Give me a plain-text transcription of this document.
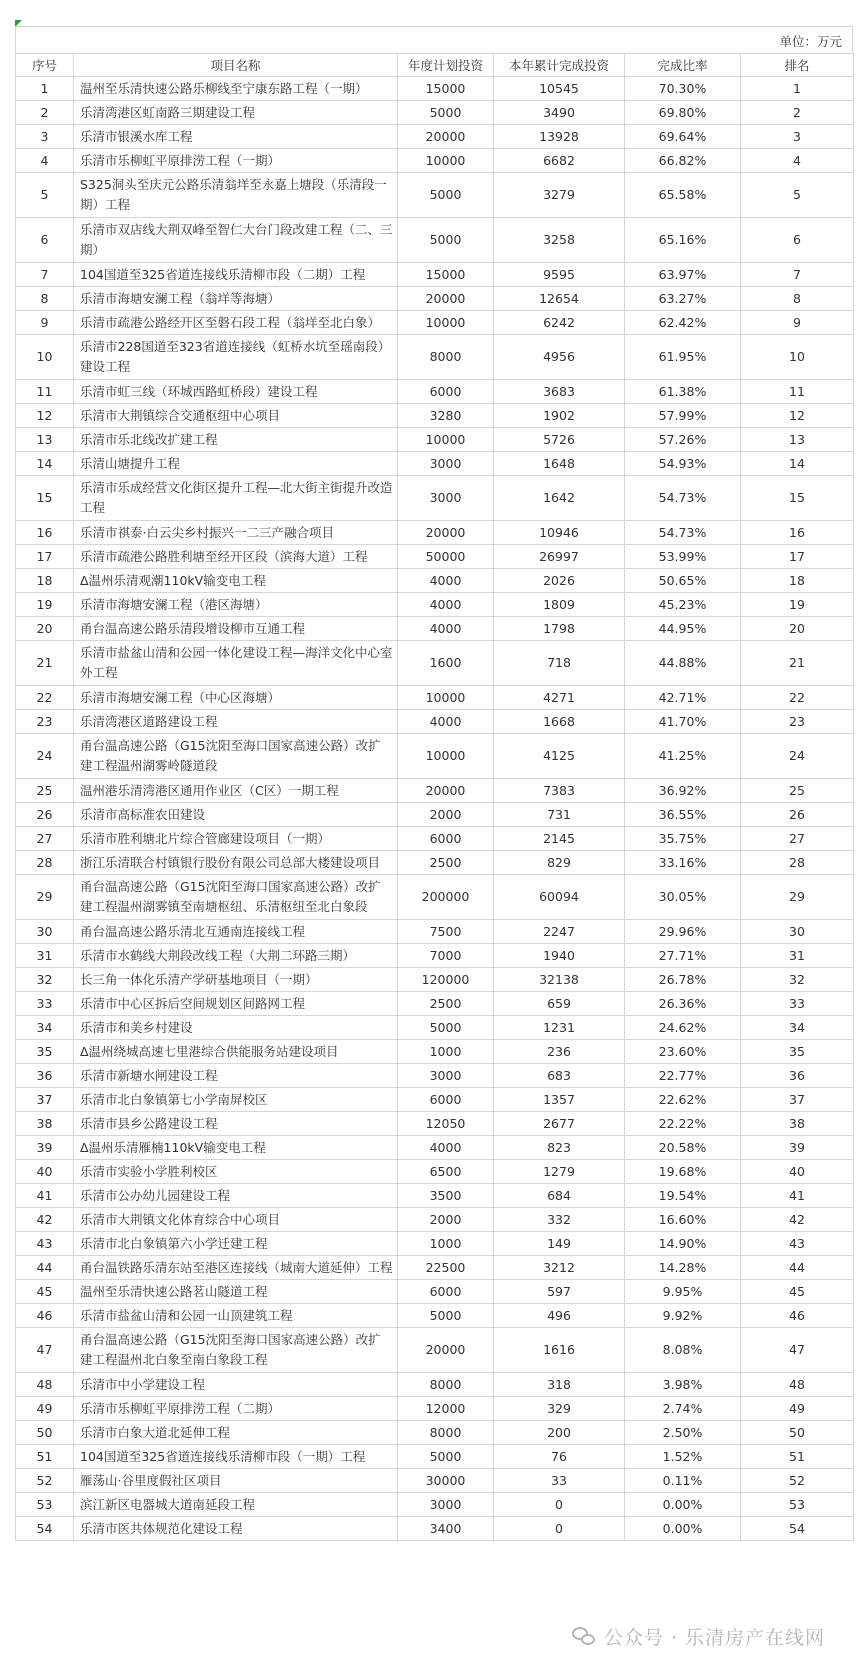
单位：万元
序号	项目名称	年度计划投资	本年累计完成投资	完成比率	排名
1	温州至乐清快速公路乐柳线至宁康东路工程（一期）	15000	10545	70.30%	1
2	乐清湾港区虹南路三期建设工程	5000	3490	69.80%	2
3	乐清市银溪水库工程	20000	13928	69.64%	3
4	乐清市乐柳虹平原排涝工程（一期）	10000	6682	66.82%	4
5	S325洞头至庆元公路乐清翁垟至永嘉上塘段（乐清段一期）工程	5000	3279	65.58%	5
6	乐清市双店线大荆双峰至智仁大台门段改建工程（二、三期）	5000	3258	65.16%	6
7	104国道至325省道连接线乐清柳市段（二期）工程	15000	9595	63.97%	7
8	乐清市海塘安澜工程（翁垟等海塘）	20000	12654	63.27%	8
9	乐清市疏港公路经开区至磐石段工程（翁垟至北白象）	10000	6242	62.42%	9
10	乐清市228国道至323省道连接线（虹桥水坑至瑶南段）建设工程	8000	4956	61.95%	10
11	乐清市虹三线（环城西路虹桥段）建设工程	6000	3683	61.38%	11
12	乐清市大荆镇综合交通枢纽中心项目	3280	1902	57.99%	12
13	乐清市乐北线改扩建工程	10000	5726	57.26%	13
14	乐清山塘提升工程	3000	1648	54.93%	14
15	乐清市乐成经营文化街区提升工程—北大街主街提升改造工程	3000	1642	54.73%	15
16	乐清市祺泰·白云尖乡村振兴一二三产融合项目	20000	10946	54.73%	16
17	乐清市疏港公路胜利塘至经开区段（滨海大道）工程	50000	26997	53.99%	17
18	Δ温州乐清观潮110kV输变电工程	4000	2026	50.65%	18
19	乐清市海塘安澜工程（港区海塘）	4000	1809	45.23%	19
20	甬台温高速公路乐清段增设柳市互通工程	4000	1798	44.95%	20
21	乐清市盐盆山清和公园一体化建设工程—海洋文化中心室外工程	1600	718	44.88%	21
22	乐清市海塘安澜工程（中心区海塘）	10000	4271	42.71%	22
23	乐清湾港区道路建设工程	4000	1668	41.70%	23
24	甬台温高速公路（G15沈阳至海口国家高速公路）改扩建工程温州湖雾岭隧道段	10000	4125	41.25%	24
25	温州港乐清湾港区通用作业区（C区）一期工程	20000	7383	36.92%	25
26	乐清市高标准农田建设	2000	731	36.55%	26
27	乐清市胜利塘北片综合管廊建设项目（一期）	6000	2145	35.75%	27
28	浙江乐清联合村镇银行股份有限公司总部大楼建设项目	2500	829	33.16%	28
29	甬台温高速公路（G15沈阳至海口国家高速公路）改扩建工程温州湖雾镇至南塘枢纽、乐清枢纽至北白象段	200000	60094	30.05%	29
30	甬台温高速公路乐清北互通南连接线工程	7500	2247	29.96%	30
31	乐清市水鹤线大荆段改线工程（大荆二环路三期）	7000	1940	27.71%	31
32	长三角一体化乐清产学研基地项目（一期）	120000	32138	26.78%	32
33	乐清市中心区拆后空间规划区间路网工程	2500	659	26.36%	33
34	乐清市和美乡村建设	5000	1231	24.62%	34
35	Δ温州绕城高速七里港综合供能服务站建设项目	1000	236	23.60%	35
36	乐清市新塘水闸建设工程	3000	683	22.77%	36
37	乐清市北白象镇第七小学南屏校区	6000	1357	22.62%	37
38	乐清市县乡公路建设工程	12050	2677	22.22%	38
39	Δ温州乐清雁楠110kV输变电工程	4000	823	20.58%	39
40	乐清市实验小学胜利校区	6500	1279	19.68%	40
41	乐清市公办幼儿园建设工程	3500	684	19.54%	41
42	乐清市大荆镇文化体育综合中心项目	2000	332	16.60%	42
43	乐清市北白象镇第六小学迁建工程	1000	149	14.90%	43
44	甬台温铁路乐清东站至港区连接线（城南大道延伸）工程	22500	3212	14.28%	44
45	温州至乐清快速公路茗山隧道工程	6000	597	9.95%	45
46	乐清市盐盆山清和公园一山顶建筑工程	5000	496	9.92%	46
47	甬台温高速公路（G15沈阳至海口国家高速公路）改扩建工程温州北白象至南白象段工程	20000	1616	8.08%	47
48	乐清市中小学建设工程	8000	318	3.98%	48
49	乐清市乐柳虹平原排涝工程（二期）	12000	329	2.74%	49
50	乐清市白象大道北延伸工程	8000	200	2.50%	50
51	104国道至325省道连接线乐清柳市段（一期）工程	5000	76	1.52%	51
52	雁荡山·谷里度假社区项目	30000	33	0.11%	52
53	滨江新区电器城大道南延段工程	3000	0	0.00%	53
54	乐清市医共体规范化建设工程	3400	0	0.00%	54
公众号 · 乐清房产在线网
